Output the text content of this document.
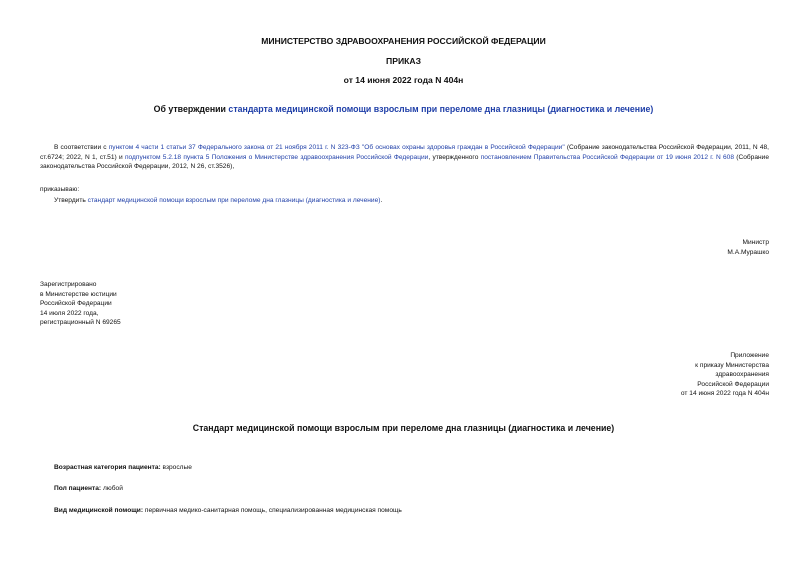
МИНИСТЕРСТВО ЗДРАВООХРАНЕНИЯ РОССИЙСКОЙ ФЕДЕРАЦИИ
ПРИКАЗ
от 14 июня 2022 года N 404н
Об утверждении стандарта медицинской помощи взрослым при переломе дна глазницы (диагностика и лечение)
В соответствии с пунктом 4 части 1 статьи 37 Федерального закона от 21 ноября 2011 г. N 323-ФЗ "Об основах охраны здоровья граждан в Российской Федерации" (Собрание законодательства Российской Федерации, 2011, N 48, ст.6724; 2022, N 1, ст.51) и подпунктом 5.2.18 пункта 5 Положения о Министерстве здравоохранения Российской Федерации, утвержденного постановлением Правительства Российской Федерации от 19 июня 2012 г. N 608 (Собрание законодательства Российской Федерации, 2012, N 26, ст.3526),
приказываю:
Утвердить стандарт медицинской помощи взрослым при переломе дна глазницы (диагностика и лечение).
Министр
М.А.Мурашко
Зарегистрировано
в Министерстве юстиции
Российской Федерации
14 июля 2022 года,
регистрационный N 69265
Приложение
к приказу Министерства
здравоохранения
Российской Федерации
от 14 июня 2022 года N 404н
Стандарт медицинской помощи взрослым при переломе дна глазницы (диагностика и лечение)
Возрастная категория пациента: взрослые
Пол пациента: любой
Вид медицинской помощи: первичная медико-санитарная помощь, специализированная медицинская помощь
